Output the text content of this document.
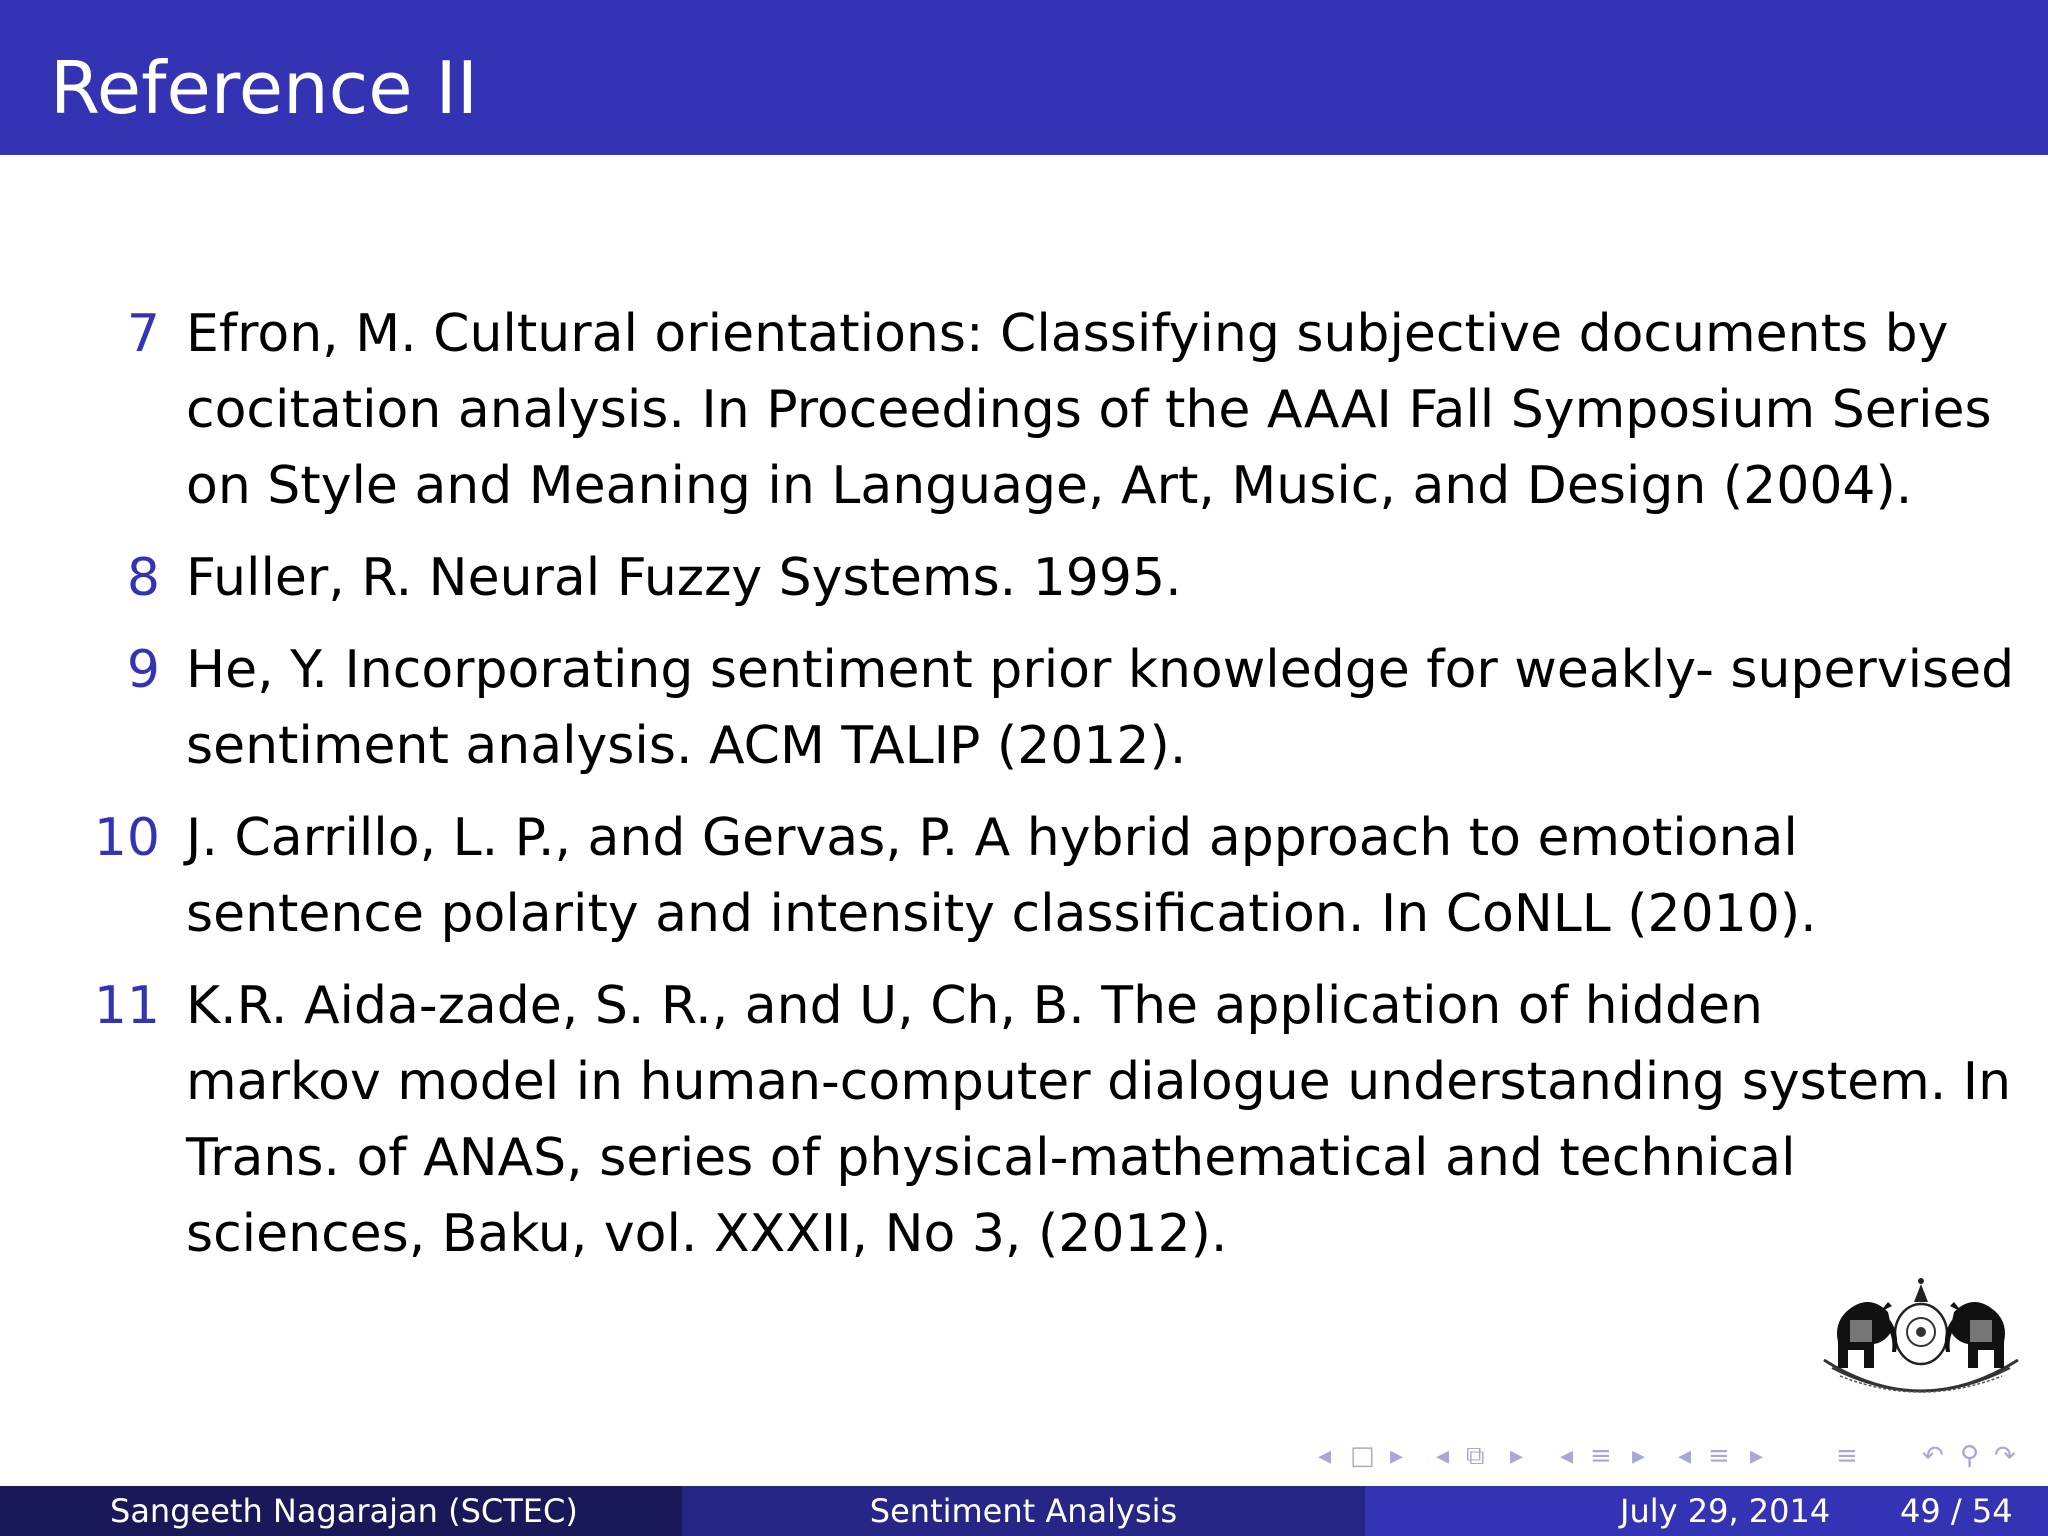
Reference II
7 Efron, M. Cultural orientations: Classifying subjective documents by
cocitation analysis. In Proceedings of the AAAI Fall Symposium Series
on Style and Meaning in Language, Art, Music, and Design (2004).
8 Fuller, R. Neural Fuzzy Systems. 1995.
9 He, Y. Incorporating sentiment prior knowledge for weakly- supervised
sentiment analysis. ACM TALIP (2012).
10 J. Carrillo, L. P., and Gervas, P. A hybrid approach to emotional
sentence polarity and intensity classification. In CoNLL (2010).
11 K.R. Aida-zade, S. R., and U, Ch, B. The application of hidden
markov model in human-computer dialogue understanding system. In
Trans. of ANAS, series of physical-mathematical and technical
sciences, Baku, vol. XXXII, No 3, (2012).
◂ □ ▸ ◂ ⧉ ▸ ◂ ≡ ▸ ◂ ≡ ▸	≡ ↶ ⚲ ↷
Sangeeth Nagarajan (SCTEC)	Sentiment Analysis	July 29, 2014 49 / 54
